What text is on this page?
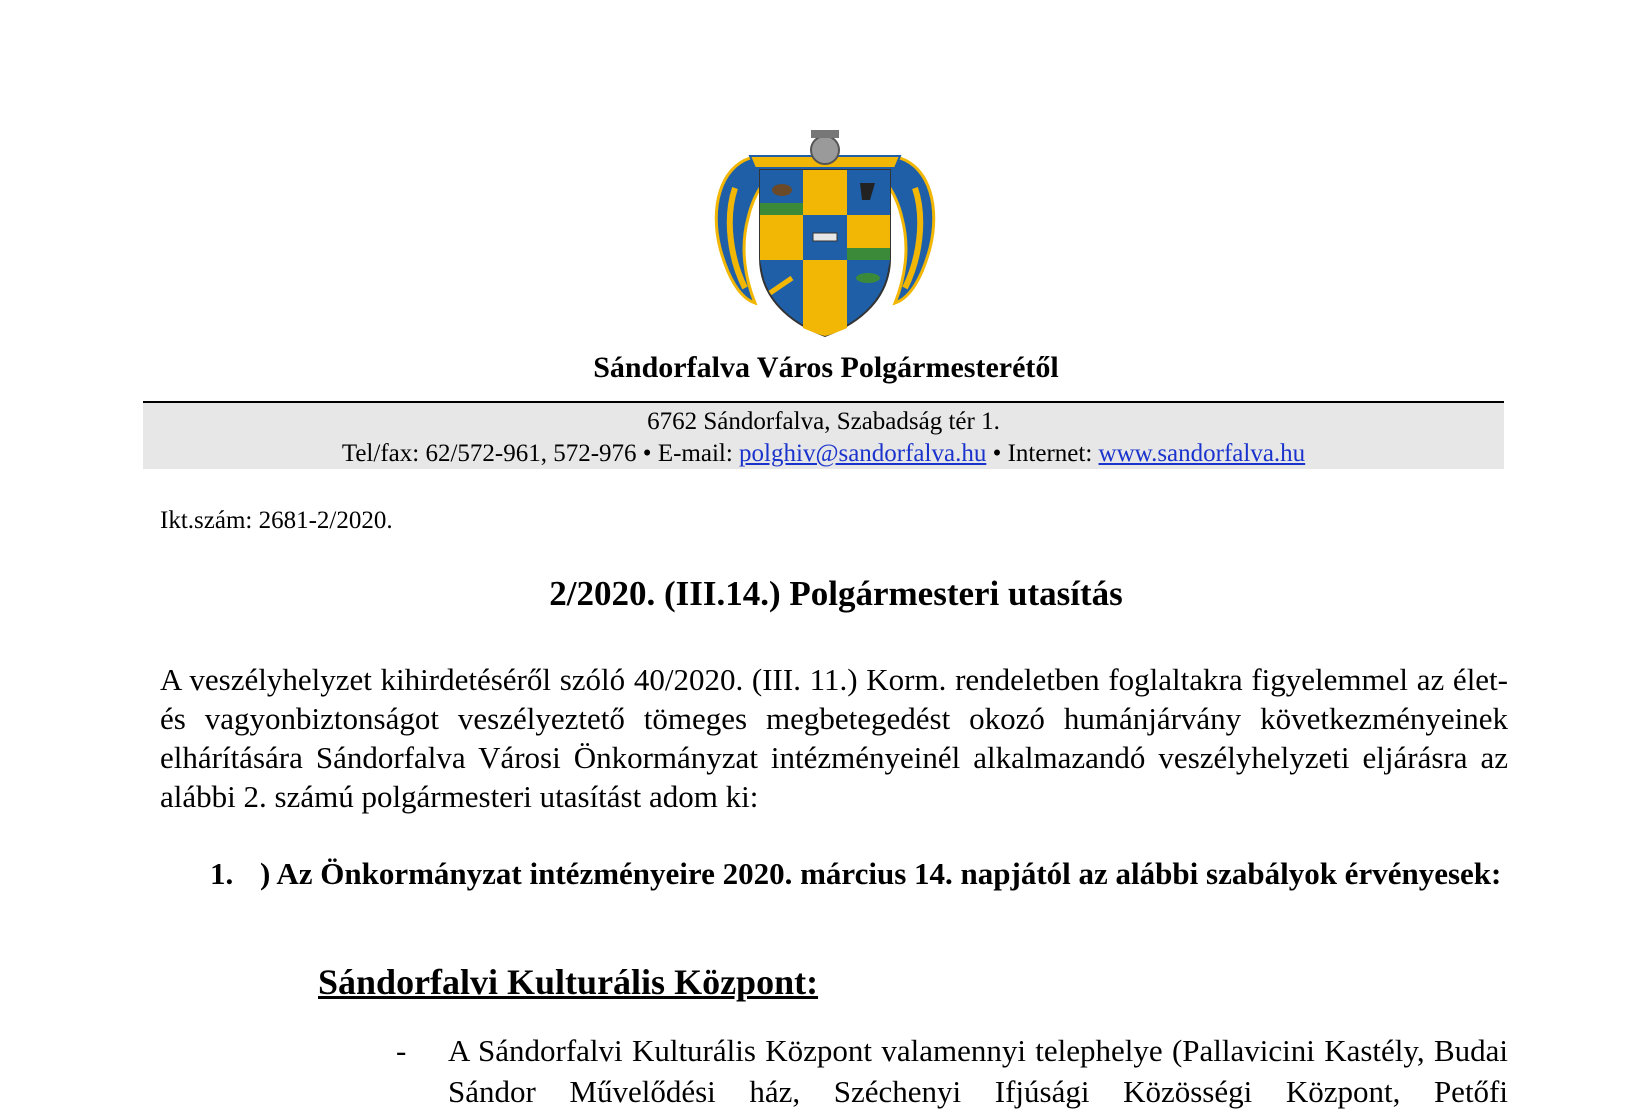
Sándorfalva Város Polgármesterétől
6762 Sándorfalva, Szabadság tér 1.
Tel/fax: 62/572-961, 572-976 • E-mail: polghiv@sandorfalva.hu • Internet: www.sandorfalva.hu
Ikt.szám: 2681-2/2020.
2/2020. (III.14.) Polgármesteri utasítás
A veszélyhelyzet kihirdetéséről szóló 40/2020. (III. 11.) Korm. rendeletben foglaltakra figyelemmel az élet- és vagyonbiztonságot veszélyeztető tömeges megbetegedést okozó humánjárvány következményeinek elhárítására Sándorfalva Városi Önkormányzat intézményeinél alkalmazandó veszélyhelyzeti eljárásra az alábbi 2. számú polgármesteri utasítást adom ki:
1. ) Az Önkormányzat intézményeire 2020. március 14. napjától az alábbi szabályok érvényesek:
Sándorfalvi Kulturális Központ:
- A Sándorfalvi Kulturális Központ valamennyi telephelye (Pallavicini Kastély, Budai Sándor Művelődési ház, Széchenyi Ifjúsági Közösségi Központ, Petőfi
